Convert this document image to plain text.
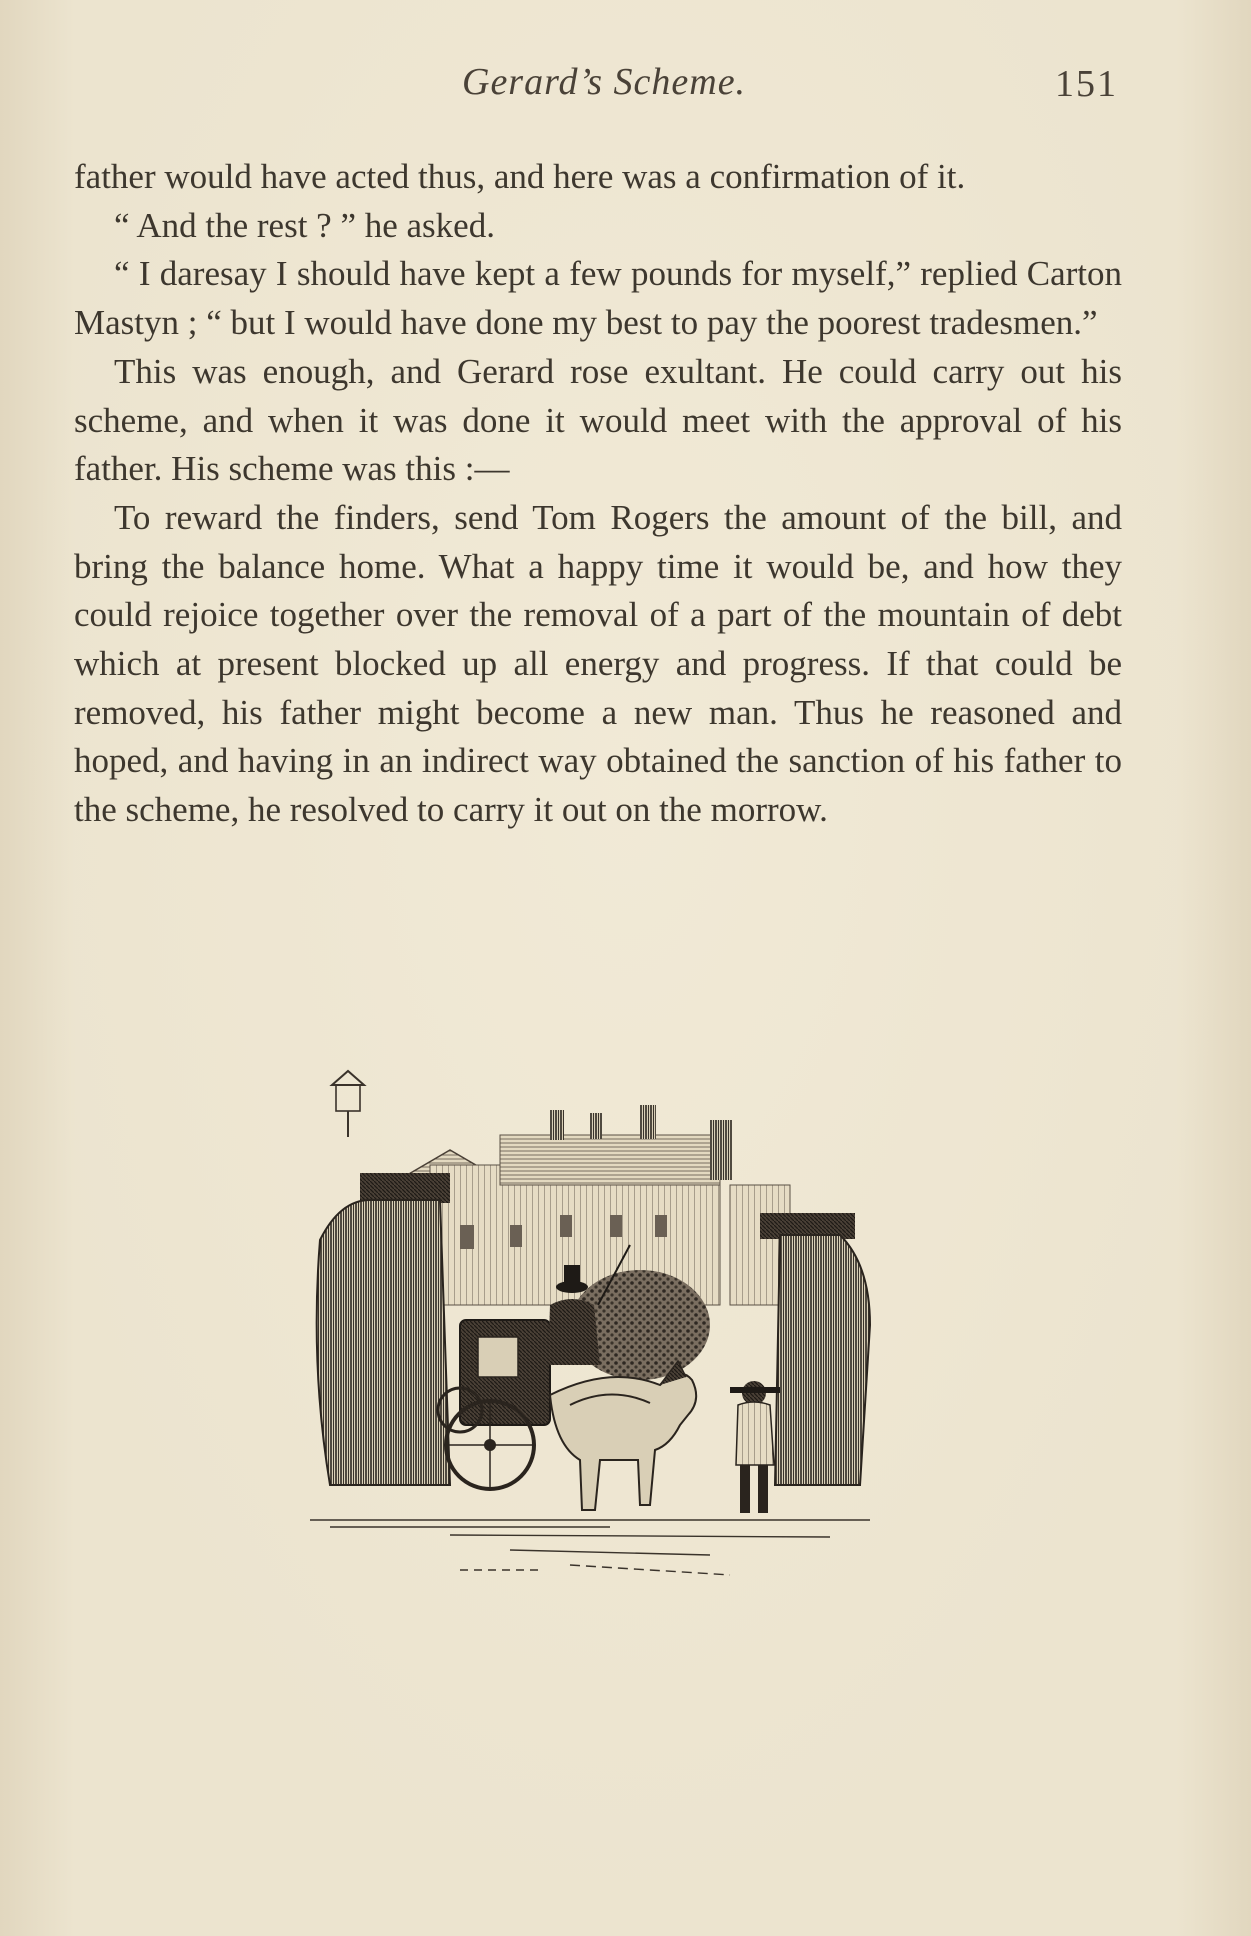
Gerard’s Scheme.	151

father would have acted thus, and here was a confirmation of it.

“ And the rest ? ” he asked.

“ I daresay I should have kept a few pounds for myself,” replied Carton Mastyn ; “ but I would have done my best to pay the poorest tradesmen.”

This was enough, and Gerard rose exultant. He could carry out his scheme, and when it was done it would meet with the approval of his father. His scheme was this :—

To reward the finders, send Tom Rogers the amount of the bill, and bring the balance home. What a happy time it would be, and how they could rejoice together over the removal of a part of the mountain of debt which at present blocked up all energy and progress. If that could be removed, his father might become a new man. Thus he reasoned and hoped, and having in an indirect way obtained the sanction of his father to the scheme, he resolved to carry it out on the morrow.
